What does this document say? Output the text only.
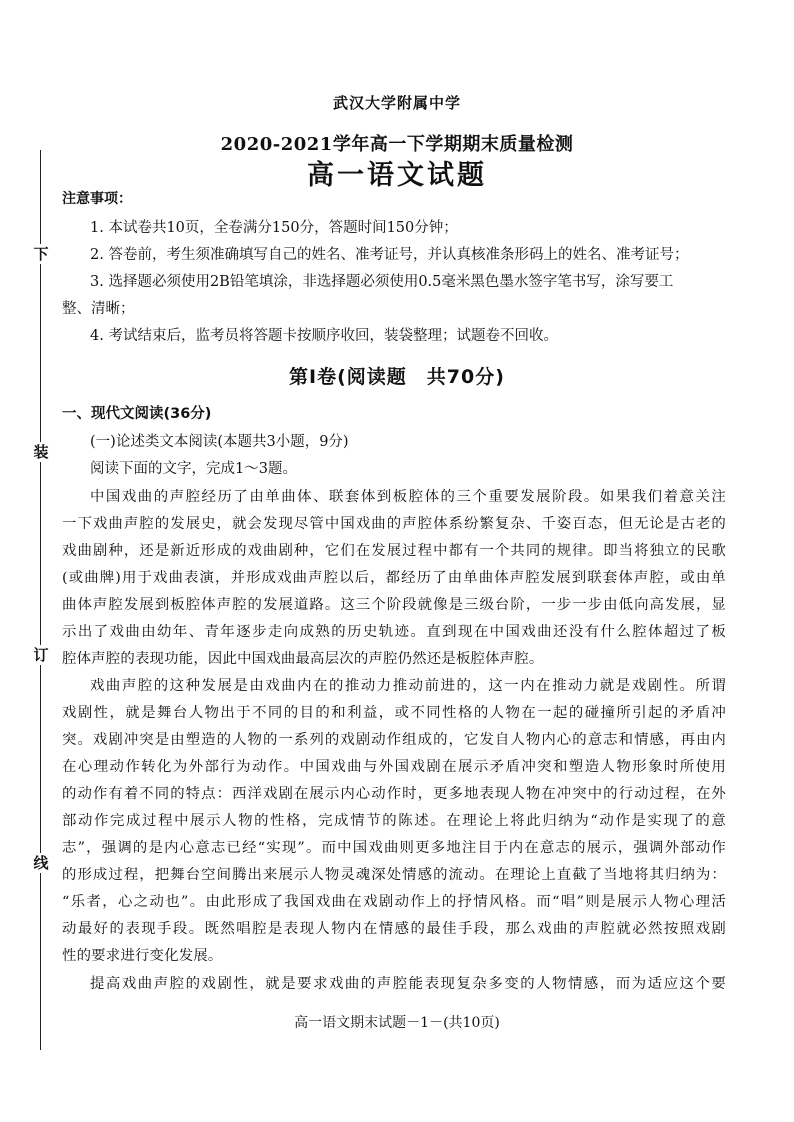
下
装
订
线
武汉大学附属中学
2020-2021学年高一下学期期末质量检测
高一语文试题
注意事项：
1. 本试卷共10页，全卷满分150分，答题时间150分钟；
2. 答卷前，考生须准确填写自己的姓名、准考证号，并认真核准条形码上的姓名、准考证号；
3. 选择题必须使用2B铅笔填涂，非选择题必须使用0.5毫米黑色墨水签字笔书写，涂写要工
整、清晰；
4. 考试结束后，监考员将答题卡按顺序收回，装袋整理；试题卷不回收。
第Ⅰ卷(阅读题　共70分)
一、现代文阅读(36分)
(一)论述类文本阅读(本题共3小题，9分)
阅读下面的文字，完成1～3题。
中国戏曲的声腔经历了由单曲体、联套体到板腔体的三个重要发展阶段。如果我们着意关注
一下戏曲声腔的发展史，就会发现尽管中国戏曲的声腔体系纷繁复杂、千姿百态，但无论是古老的
戏曲剧种，还是新近形成的戏曲剧种，它们在发展过程中都有一个共同的规律。即当将独立的民歌
(或曲牌)用于戏曲表演，并形成戏曲声腔以后，都经历了由单曲体声腔发展到联套体声腔，或由单
曲体声腔发展到板腔体声腔的发展道路。这三个阶段就像是三级台阶，一步一步由低向高发展，显
示出了戏曲由幼年、青年逐步走向成熟的历史轨迹。直到现在中国戏曲还没有什么腔体超过了板
腔体声腔的表现功能，因此中国戏曲最高层次的声腔仍然还是板腔体声腔。
戏曲声腔的这种发展是由戏曲内在的推动力推动前进的，这一内在推动力就是戏剧性。所谓
戏剧性，就是舞台人物出于不同的目的和利益，或不同性格的人物在一起的碰撞所引起的矛盾冲
突。戏剧冲突是由塑造的人物的一系列的戏剧动作组成的，它发自人物内心的意志和情感，再由内
在心理动作转化为外部行为动作。中国戏曲与外国戏剧在展示矛盾冲突和塑造人物形象时所使用
的动作有着不同的特点：西洋戏剧在展示内心动作时，更多地表现人物在冲突中的行动过程，在外
部动作完成过程中展示人物的性格，完成情节的陈述。在理论上将此归纳为“动作是实现了的意
志”，强调的是内心意志已经“实现”。而中国戏曲则更多地注目于内在意志的展示，强调外部动作
的形成过程，把舞台空间腾出来展示人物灵魂深处情感的流动。在理论上直截了当地将其归纳为：
“乐者，心之动也”。由此形成了我国戏曲在戏剧动作上的抒情风格。而“唱”则是展示人物心理活
动最好的表现手段。既然唱腔是表现人物内在情感的最佳手段，那么戏曲的声腔就必然按照戏剧
性的要求进行变化发展。
提高戏曲声腔的戏剧性，就是要求戏曲的声腔能表现复杂多变的人物情感，而为适应这个要
高一语文期末试题－1－(共10页)
